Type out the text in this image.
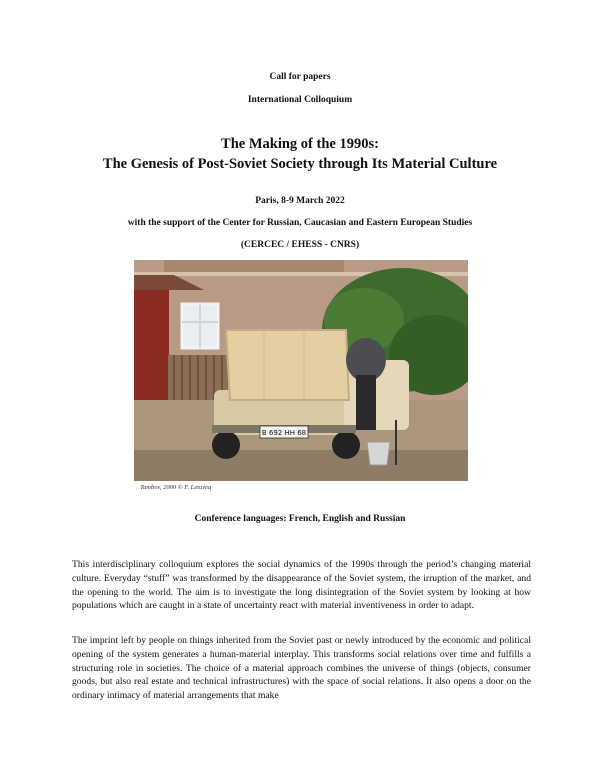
Call for papers
International Colloquium
The Making of the 1990s:
The Genesis of Post-Soviet Society through Its Material Culture
Paris, 8-9 March 2022
with the support of the Center for Russian, Caucasian and Eastern European Studies
(CERCEC / EHESS - CNRS)
B 692 HH 68
Tambov, 2000 © F. Letuveq
Conference languages: French, English and Russian

This interdisciplinary colloquium explores the social dynamics of the 1990s through the period’s changing material culture. Everyday “stuff” was transformed by the disappearance of the Soviet system, the irruption of the market, and the opening to the world. The aim is to investigate the long disintegration of the Soviet system by looking at how populations which are caught in a state of uncertainty react with material inventiveness in order to adapt.

The imprint left by people on things inherited from the Soviet past or newly introduced by the economic and political opening of the system generates a human-material interplay. This transforms social relations over time and fulfills a structuring role in societies. The choice of a material approach combines the universe of things (objects, consumer goods, but also real estate and technical infrastructures) with the space of social relations. It also opens a door on the ordinary intimacy of material arrangements that make
